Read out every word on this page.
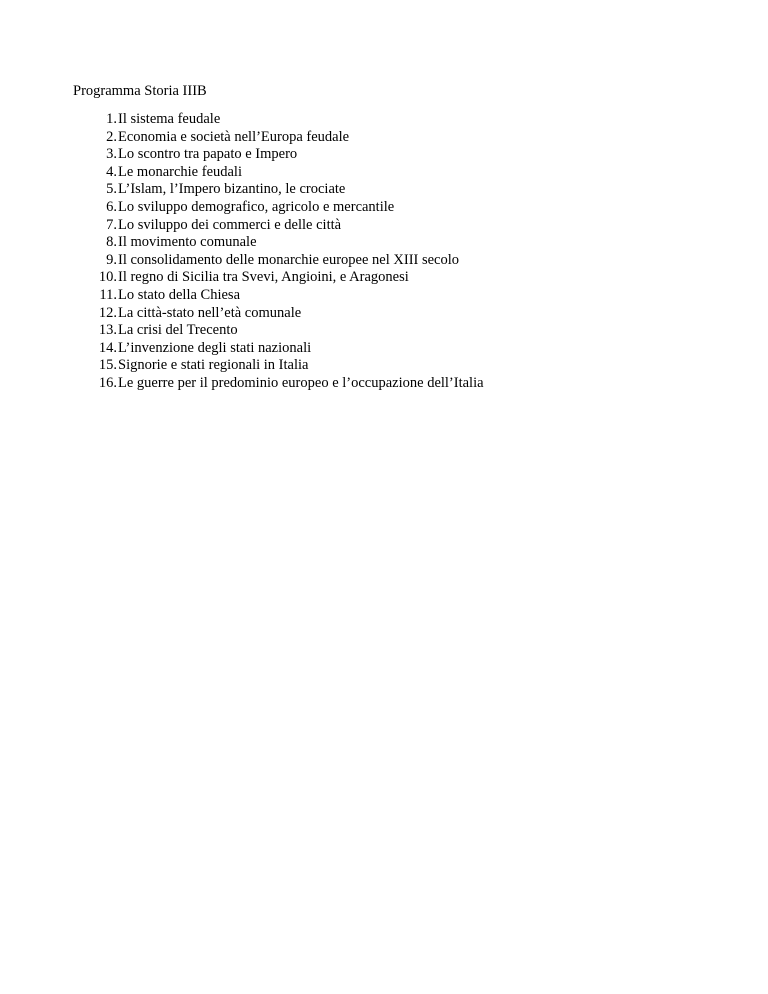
Programma Storia IIIB
1. Il sistema feudale
2. Economia e società nell’Europa feudale
3. Lo scontro tra papato e Impero
4. Le monarchie feudali
5. L’Islam, l’Impero bizantino, le crociate
6. Lo sviluppo demografico, agricolo e mercantile
7. Lo sviluppo dei commerci e delle città
8. Il movimento comunale
9. Il consolidamento delle monarchie europee nel XIII secolo
10. Il regno di Sicilia tra Svevi, Angioini, e Aragonesi
11. Lo stato della Chiesa
12. La città-stato nell’età comunale
13. La crisi del Trecento
14. L’invenzione degli stati nazionali
15. Signorie e stati regionali in Italia
16. Le guerre per il predominio europeo e l’occupazione dell’Italia
